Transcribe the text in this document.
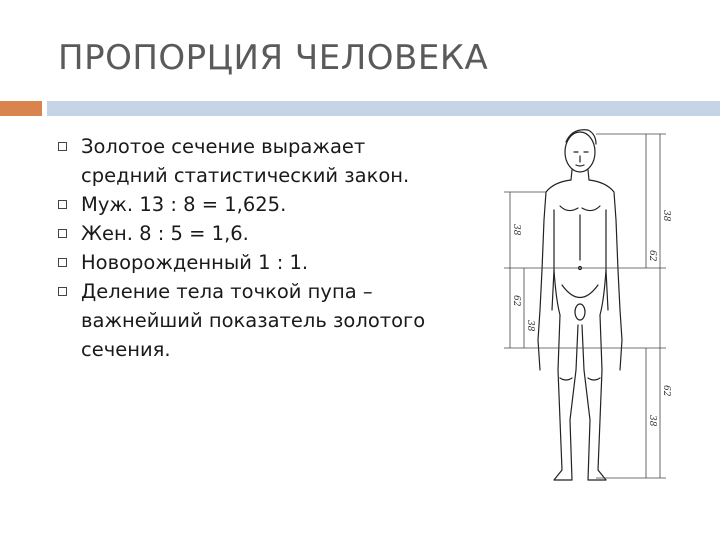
ПРОПОРЦИЯ ЧЕЛОВЕКА
Золотое сечение выражает средний статистический закон.
Муж. 13 : 8 = 1,625.
Жен. 8 : 5 = 1,6.
Новорожденный 1 : 1.
Деление тела точкой пупа – важнейший показатель золотого сечения.
38
62
38
62
38
62
38
